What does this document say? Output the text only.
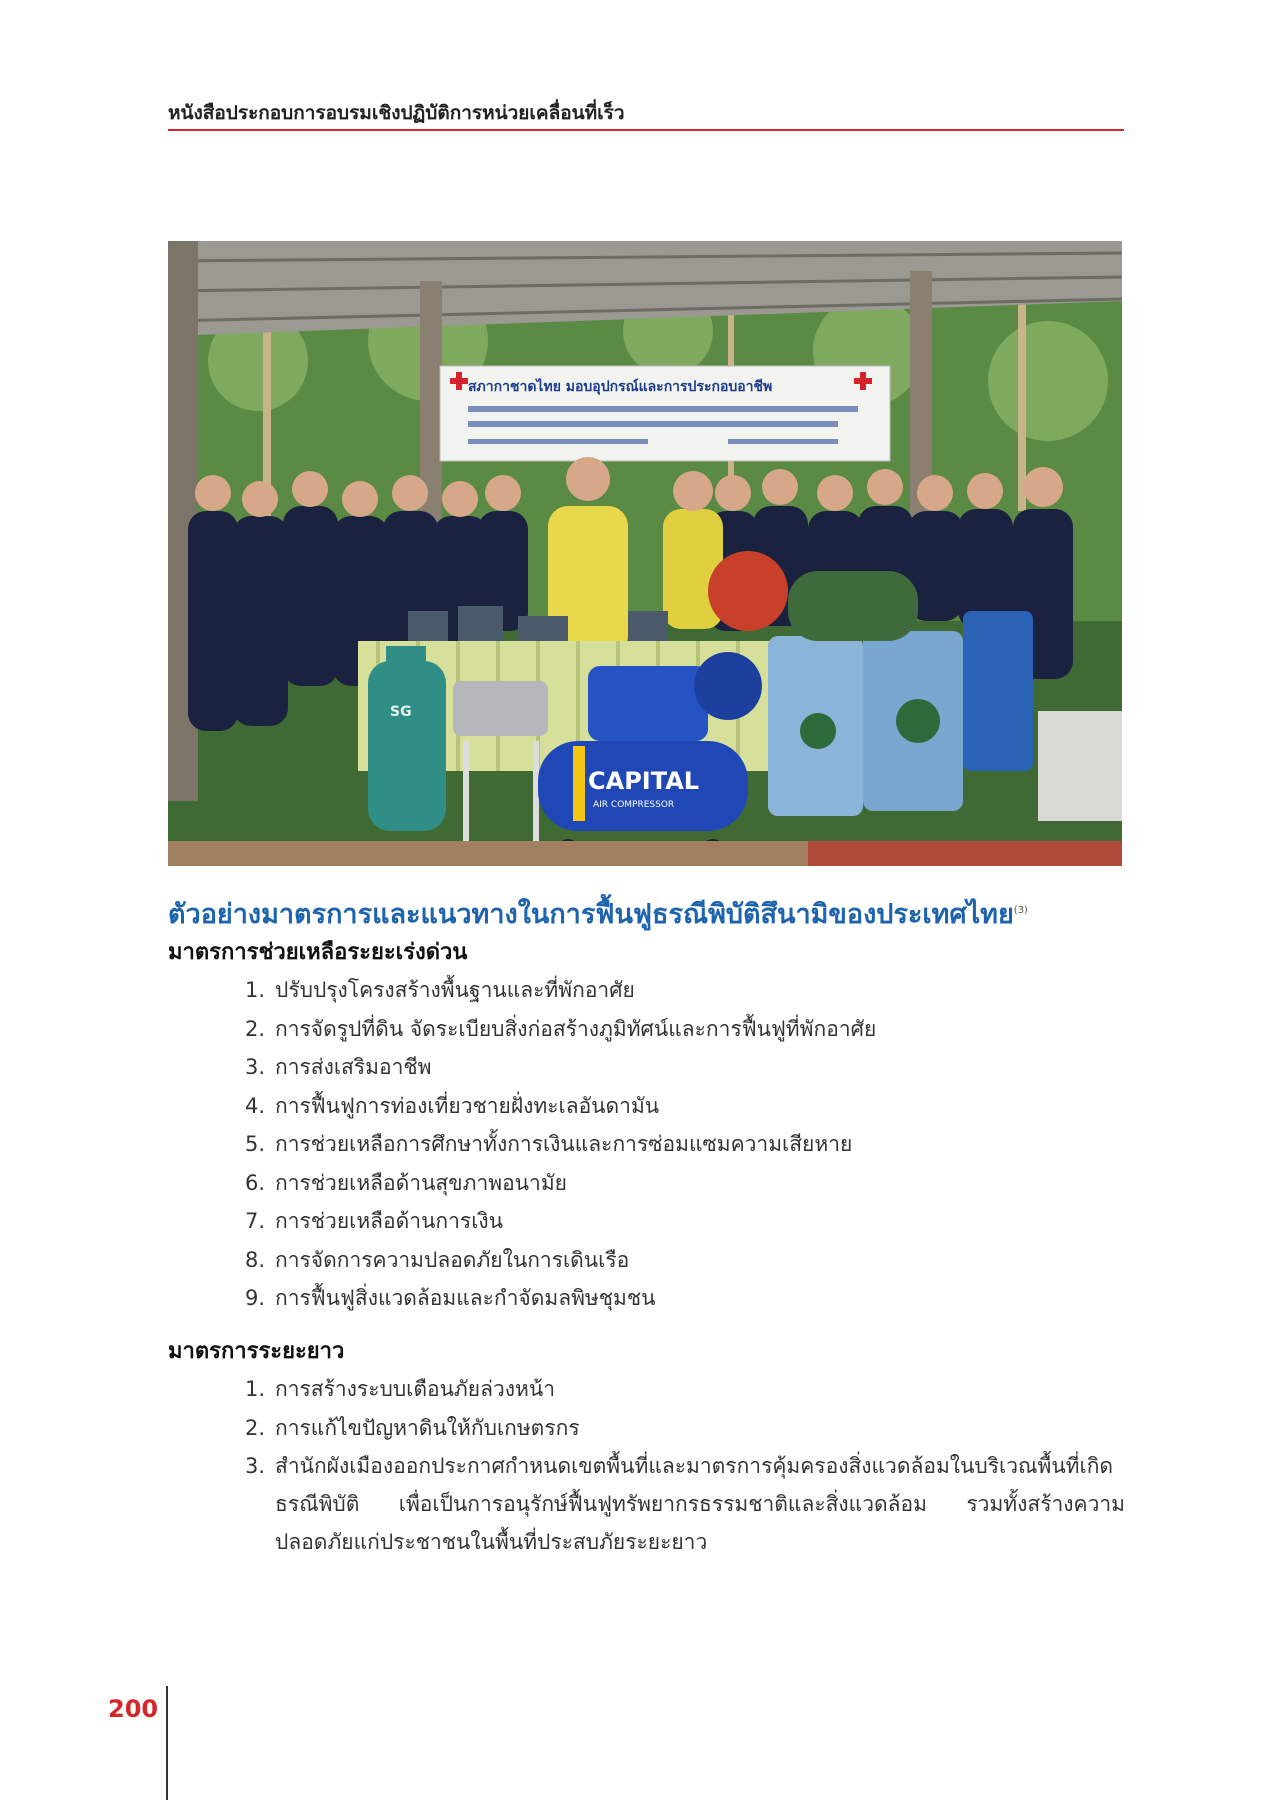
หนังสือประกอบการอบรมเชิงปฏิบัติการหน่วยเคลื่อนที่เร็ว
สภากาชาดไทย มอบอุปกรณ์และการประกอบอาชีพ
SG
CAPITAL
AIR COMPRESSOR
ตัวอย่างมาตรการและแนวทางในการฟื้นฟูธรณีพิบัติสึนามิของประเทศไทย$^{(3)}$
มาตรการช่วยเหลือระยะเร่งด่วน
1. ปรับปรุงโครงสร้างพื้นฐานและที่พักอาศัย
2. การจัดรูปที่ดิน จัดระเบียบสิ่งก่อสร้างภูมิทัศน์และการฟื้นฟูที่พักอาศัย
3. การส่งเสริมอาชีพ
4. การฟื้นฟูการท่องเที่ยวชายฝั่งทะเลอันดามัน
5. การช่วยเหลือการศึกษาทั้งการเงินและการซ่อมแซมความเสียหาย
6. การช่วยเหลือด้านสุขภาพอนามัย
7. การช่วยเหลือด้านการเงิน
8. การจัดการความปลอดภัยในการเดินเรือ
9. การฟื้นฟูสิ่งแวดล้อมและกำจัดมลพิษชุมชน
มาตรการระยะยาว
1. การสร้างระบบเตือนภัยล่วงหน้า
2. การแก้ไขปัญหาดินให้กับเกษตรกร
3. สำนักผังเมืองออกประกาศกำหนดเขตพื้นที่และมาตรการคุ้มครองสิ่งแวดล้อมในบริเวณพื้นที่เกิดธรณีพิบัติ เพื่อเป็นการอนุรักษ์ฟื้นฟูทรัพยากรธรรมชาติและสิ่งแวดล้อม รวมทั้งสร้างความปลอดภัยแก่ประชาชนในพื้นที่ประสบภัยระยะยาว
200
